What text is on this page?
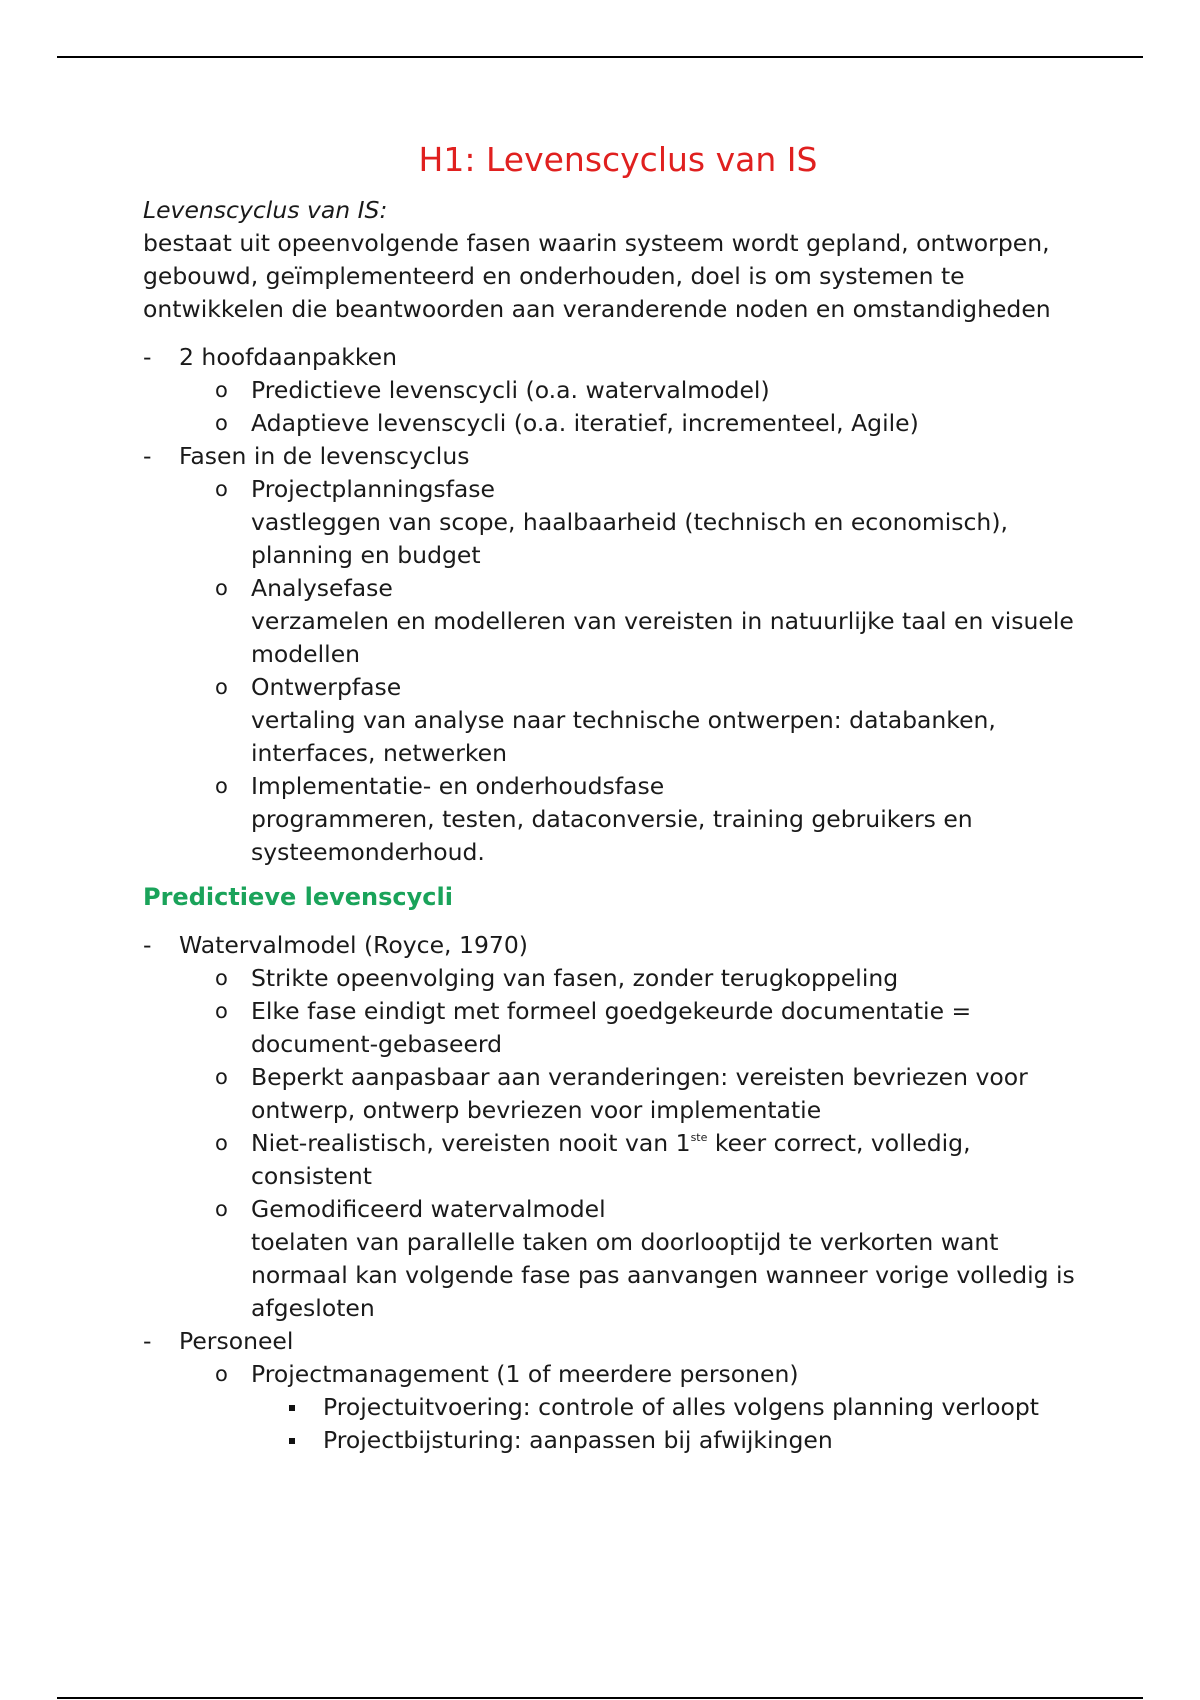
H1: Levenscyclus van IS

Levenscyclus van IS:

bestaat uit opeenvolgende fasen waarin systeem wordt gepland, ontworpen, gebouwd, geïmplementeerd en onderhouden, doel is om systemen te ontwikkelen die beantwoorden aan veranderende noden en omstandigheden

- 2 hoofdaanpakken
o Predictieve levenscycli (o.a. watervalmodel)
o Adaptieve levenscycli (o.a. iteratief, incrementeel, Agile)
- Fasen in de levenscyclus
o Projectplanningsfase
vastleggen van scope, haalbaarheid (technisch en economisch), planning en budget
o Analysefase
verzamelen en modelleren van vereisten in natuurlijke taal en visuele modellen
o Ontwerpfase
vertaling van analyse naar technische ontwerpen: databanken, interfaces, netwerken
o Implementatie- en onderhoudsfase
programmeren, testen, dataconversie, training gebruikers en systeemonderhoud.
Predictieve levenscycli
- Watervalmodel (Royce, 1970)
o Strikte opeenvolging van fasen, zonder terugkoppeling
o Elke fase eindigt met formeel goedgekeurde documentatie = document-gebaseerd
o Beperkt aanpasbaar aan veranderingen: vereisten bevriezen voor ontwerp, ontwerp bevriezen voor implementatie
o Niet-realistisch, vereisten nooit van 1ste keer correct, volledig, consistent
o Gemodificeerd watervalmodel
toelaten van parallelle taken om doorlooptijd te verkorten want normaal kan volgende fase pas aanvangen wanneer vorige volledig is afgesloten
- Personeel
o Projectmanagement (1 of meerdere personen)
Projectuitvoering: controle of alles volgens planning verloopt
Projectbijsturing: aanpassen bij afwijkingen
